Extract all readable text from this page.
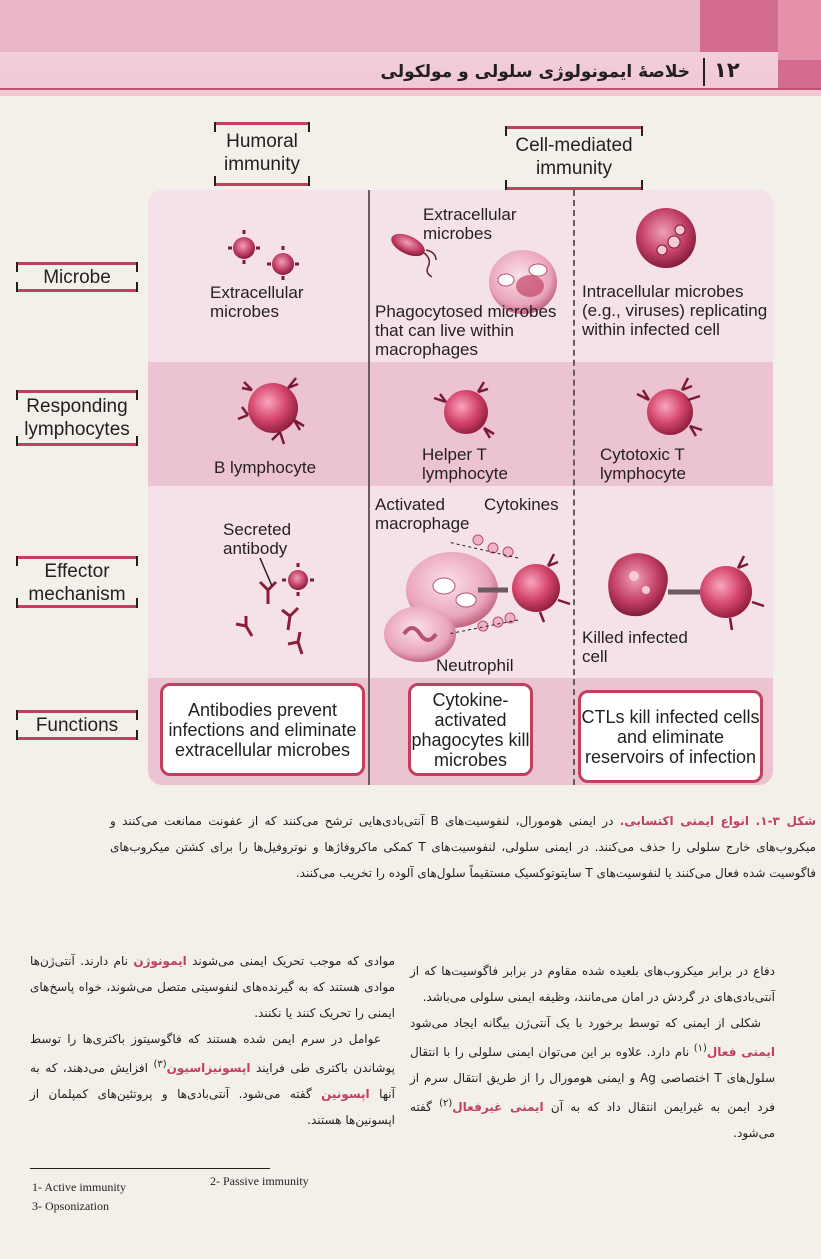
خلاصهٔ ایمونولوژی سلولی و مولکولی ۱۲
Humoral immunity
Cell-mediated immunity
Microbe
Responding lymphocytes
Effector mechanism
Functions
Extracellular microbes
Extracellular microbes
Phagocytosed microbes that can live within macrophages
Intracellular microbes (e.g., viruses) replicating within infected cell
B lymphocyte
Helper T lymphocyte
Cytotoxic T lymphocyte
Secreted antibody
Activated macrophage
Cytokines
Neutrophil
Killed infected cell
Antibodies prevent infections and eliminate extracellular microbes
Cytokine-activated phagocytes kill microbes
CTLs kill infected cells and eliminate reservoirs of infection
شکل ۳-۱. انواع ایمنی اکتسابی. در ایمنی هومورال، لنفوسیت‌های B آنتی‌بادی‌هایی ترشح می‌کنند که از عفونت ممانعت می‌کنند و میکروب‌های خارج سلولی را حذف می‌کنند. در ایمنی سلولی، لنفوسیت‌های T کمکی ماکروفاژها و نوتروفیل‌ها را برای کشتن میکروب‌های فاگوسیت شده فعال می‌کنند یا لنفوسیت‌های T سایتوتوکسیک مستقیماً سلول‌های آلوده را تخریب می‌کنند.
دفاع در برابر میکروب‌های بلعیده شده مقاوم در برابر فاگوسیت‌ها که از آنتی‌بادی‌های در گردش در امان می‌مانند، وظیفه ایمنی سلولی می‌باشد.
شکلی از ایمنی که توسط برخورد با یک آنتی‌ژن بیگانه ایجاد می‌شود ایمنی فعال$^{(۱)}$ نام دارد. علاوه بر این می‌توان ایمنی سلولی را با انتقال سلول‌های T اختصاصی Ag و ایمنی هومورال را از طریق انتقال سرم از فرد ایمن به غیرایمن انتقال داد که به آن ایمنی غیرفعال$^{(۲)}$ گفته می‌شود.
موادی که موجب تحریک ایمنی می‌شوند ایمونوژن نام دارند. آنتی‌ژن‌ها موادی هستند که به گیرنده‌های لنفوسیتی متصل می‌شوند، خواه پاسخ‌های ایمنی را تحریک کنند یا نکنند.
عوامل در سرم ایمن شده هستند که فاگوسیتوز باکتری‌ها را توسط پوشاندن باکتری طی فرایند اپسونیزاسیون$^{(۳)}$ افزایش می‌دهند، که به آنها اپسونین گفته می‌شود. آنتی‌بادی‌ها و پروتئین‌های کمپلمان از اپسونین‌ها هستند.
1- Active immunity	2- Passive immunity
3- Opsonization
